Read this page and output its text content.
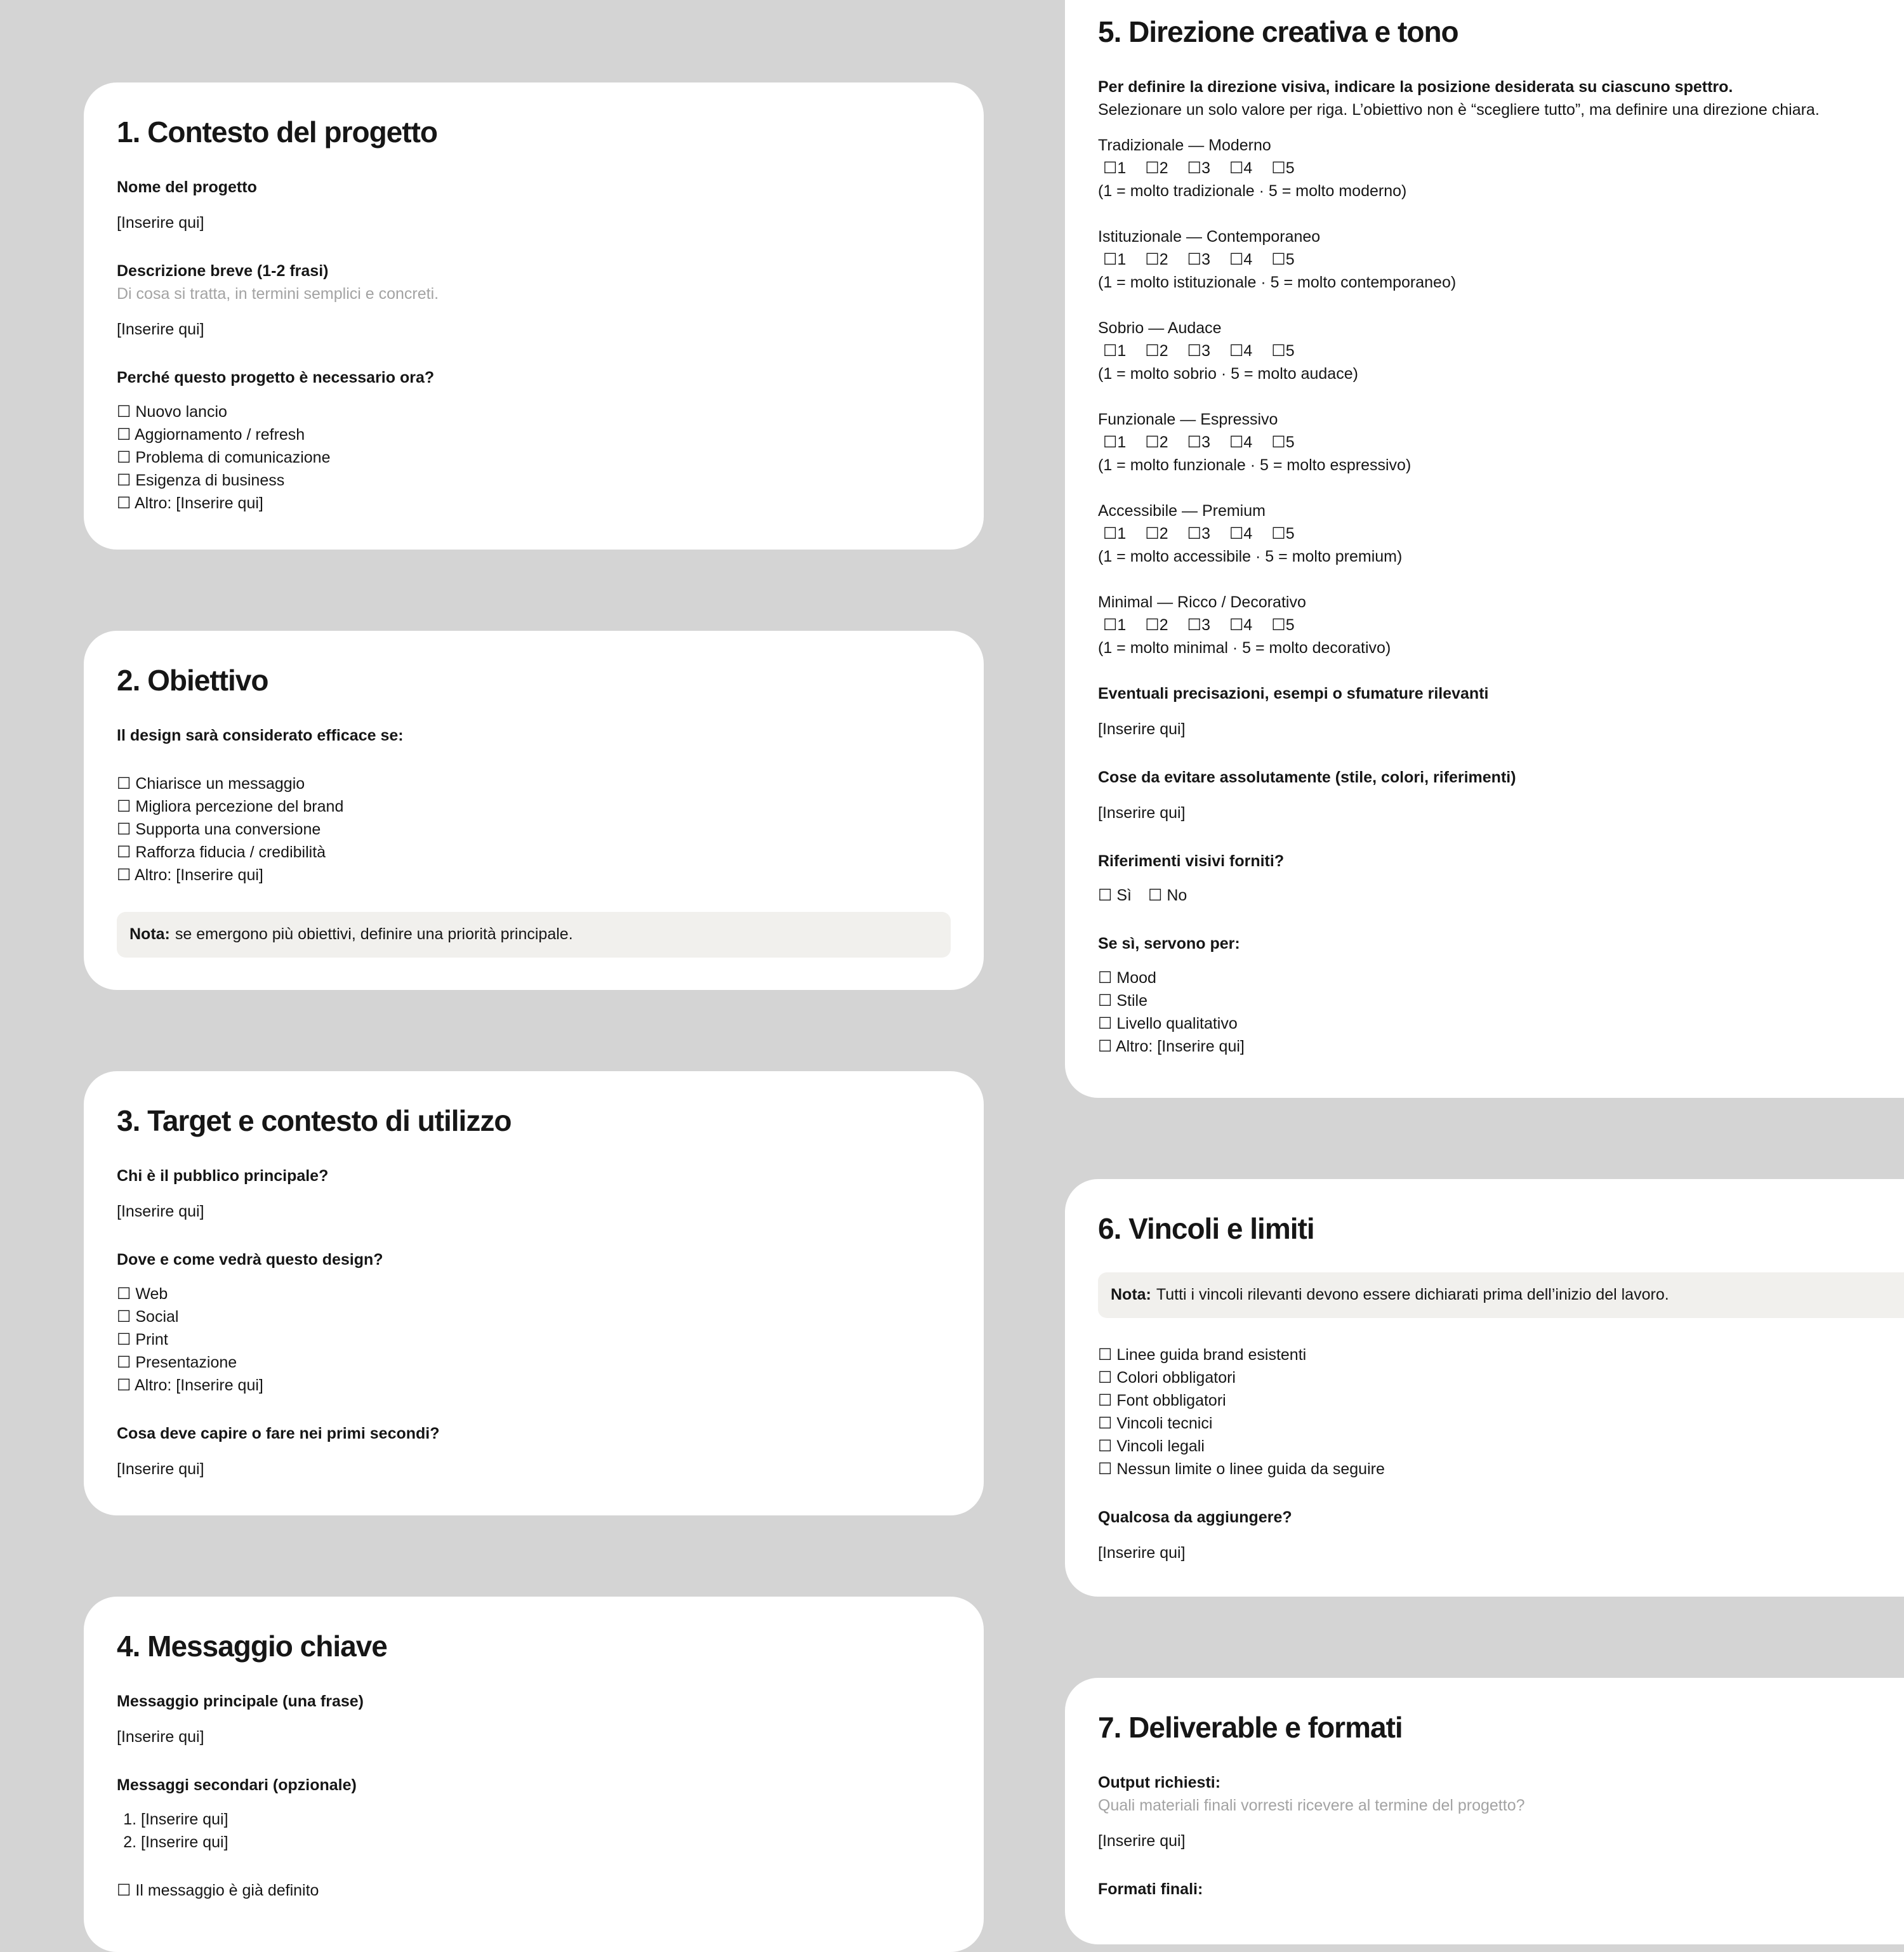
1. Contesto del progetto

Nome del progetto

[Inserire qui]

Descrizione breve (1-2 frasi)

Di cosa si tratta, in termini semplici e concreti.

[Inserire qui]

Perché questo progetto è necessario ora?

☐ Nuovo lancio
☐ Aggiornamento / refresh
☐ Problema di comunicazione
☐ Esigenza di business
☐ Altro: [Inserire qui]
2. Obiettivo

Il design sarà considerato efficace se:

☐ Chiarisce un messaggio
☐ Migliora percezione del brand
☐ Supporta una conversione
☐ Rafforza fiducia / credibilità
☐ Altro: [Inserire qui]
Nota: se emergono più obiettivi, definire una priorità principale.
3. Target e contesto di utilizzo

Chi è il pubblico principale?

[Inserire qui]

Dove e come vedrà questo design?

☐ Web
☐ Social
☐ Print
☐ Presentazione
☐ Altro: [Inserire qui]

Cosa deve capire o fare nei primi secondi?

[Inserire qui]
4. Messaggio chiave

Messaggio principale (una frase)

[Inserire qui]

Messaggi secondari (opzionale)

1. [Inserire qui]
2. [Inserire qui]
☐ Il messaggio è già definito
5. Direzione creativa e tono

Per definire la direzione visiva, indicare la posizione desiderata su ciascuno spettro.

Selezionare un solo valore per riga. L’obiettivo non è “scegliere tutto”, ma definire una direzione chiara.

Tradizionale — Moderno
☐1 ☐2 ☐3 ☐4 ☐5
(1 = molto tradizionale · 5 = molto moderno)
Istituzionale — Contemporaneo
☐1 ☐2 ☐3 ☐4 ☐5
(1 = molto istituzionale · 5 = molto contemporaneo)
Sobrio — Audace
☐1 ☐2 ☐3 ☐4 ☐5
(1 = molto sobrio · 5 = molto audace)
Funzionale — Espressivo
☐1 ☐2 ☐3 ☐4 ☐5
(1 = molto funzionale · 5 = molto espressivo)
Accessibile — Premium
☐1 ☐2 ☐3 ☐4 ☐5
(1 = molto accessibile · 5 = molto premium)
Minimal — Ricco / Decorativo
☐1 ☐2 ☐3 ☐4 ☐5
(1 = molto minimal · 5 = molto decorativo)

Eventuali precisazioni, esempi o sfumature rilevanti

[Inserire qui]

Cose da evitare assolutamente (stile, colori, riferimenti)

[Inserire qui]

Riferimenti visivi forniti?

☐ Sì ☐ No

Se sì, servono per:

☐ Mood
☐ Stile
☐ Livello qualitativo
☐ Altro: [Inserire qui]
6. Vincoli e limiti
Nota: Tutti i vincoli rilevanti devono essere dichiarati prima dell’inizio del lavoro.
☐ Linee guida brand esistenti
☐ Colori obbligatori
☐ Font obbligatori
☐ Vincoli tecnici
☐ Vincoli legali
☐ Nessun limite o linee guida da seguire

Qualcosa da aggiungere?

[Inserire qui]
7. Deliverable e formati

Output richiesti:

Quali materiali finali vorresti ricevere al termine del progetto?

[Inserire qui]

Formati finali:
